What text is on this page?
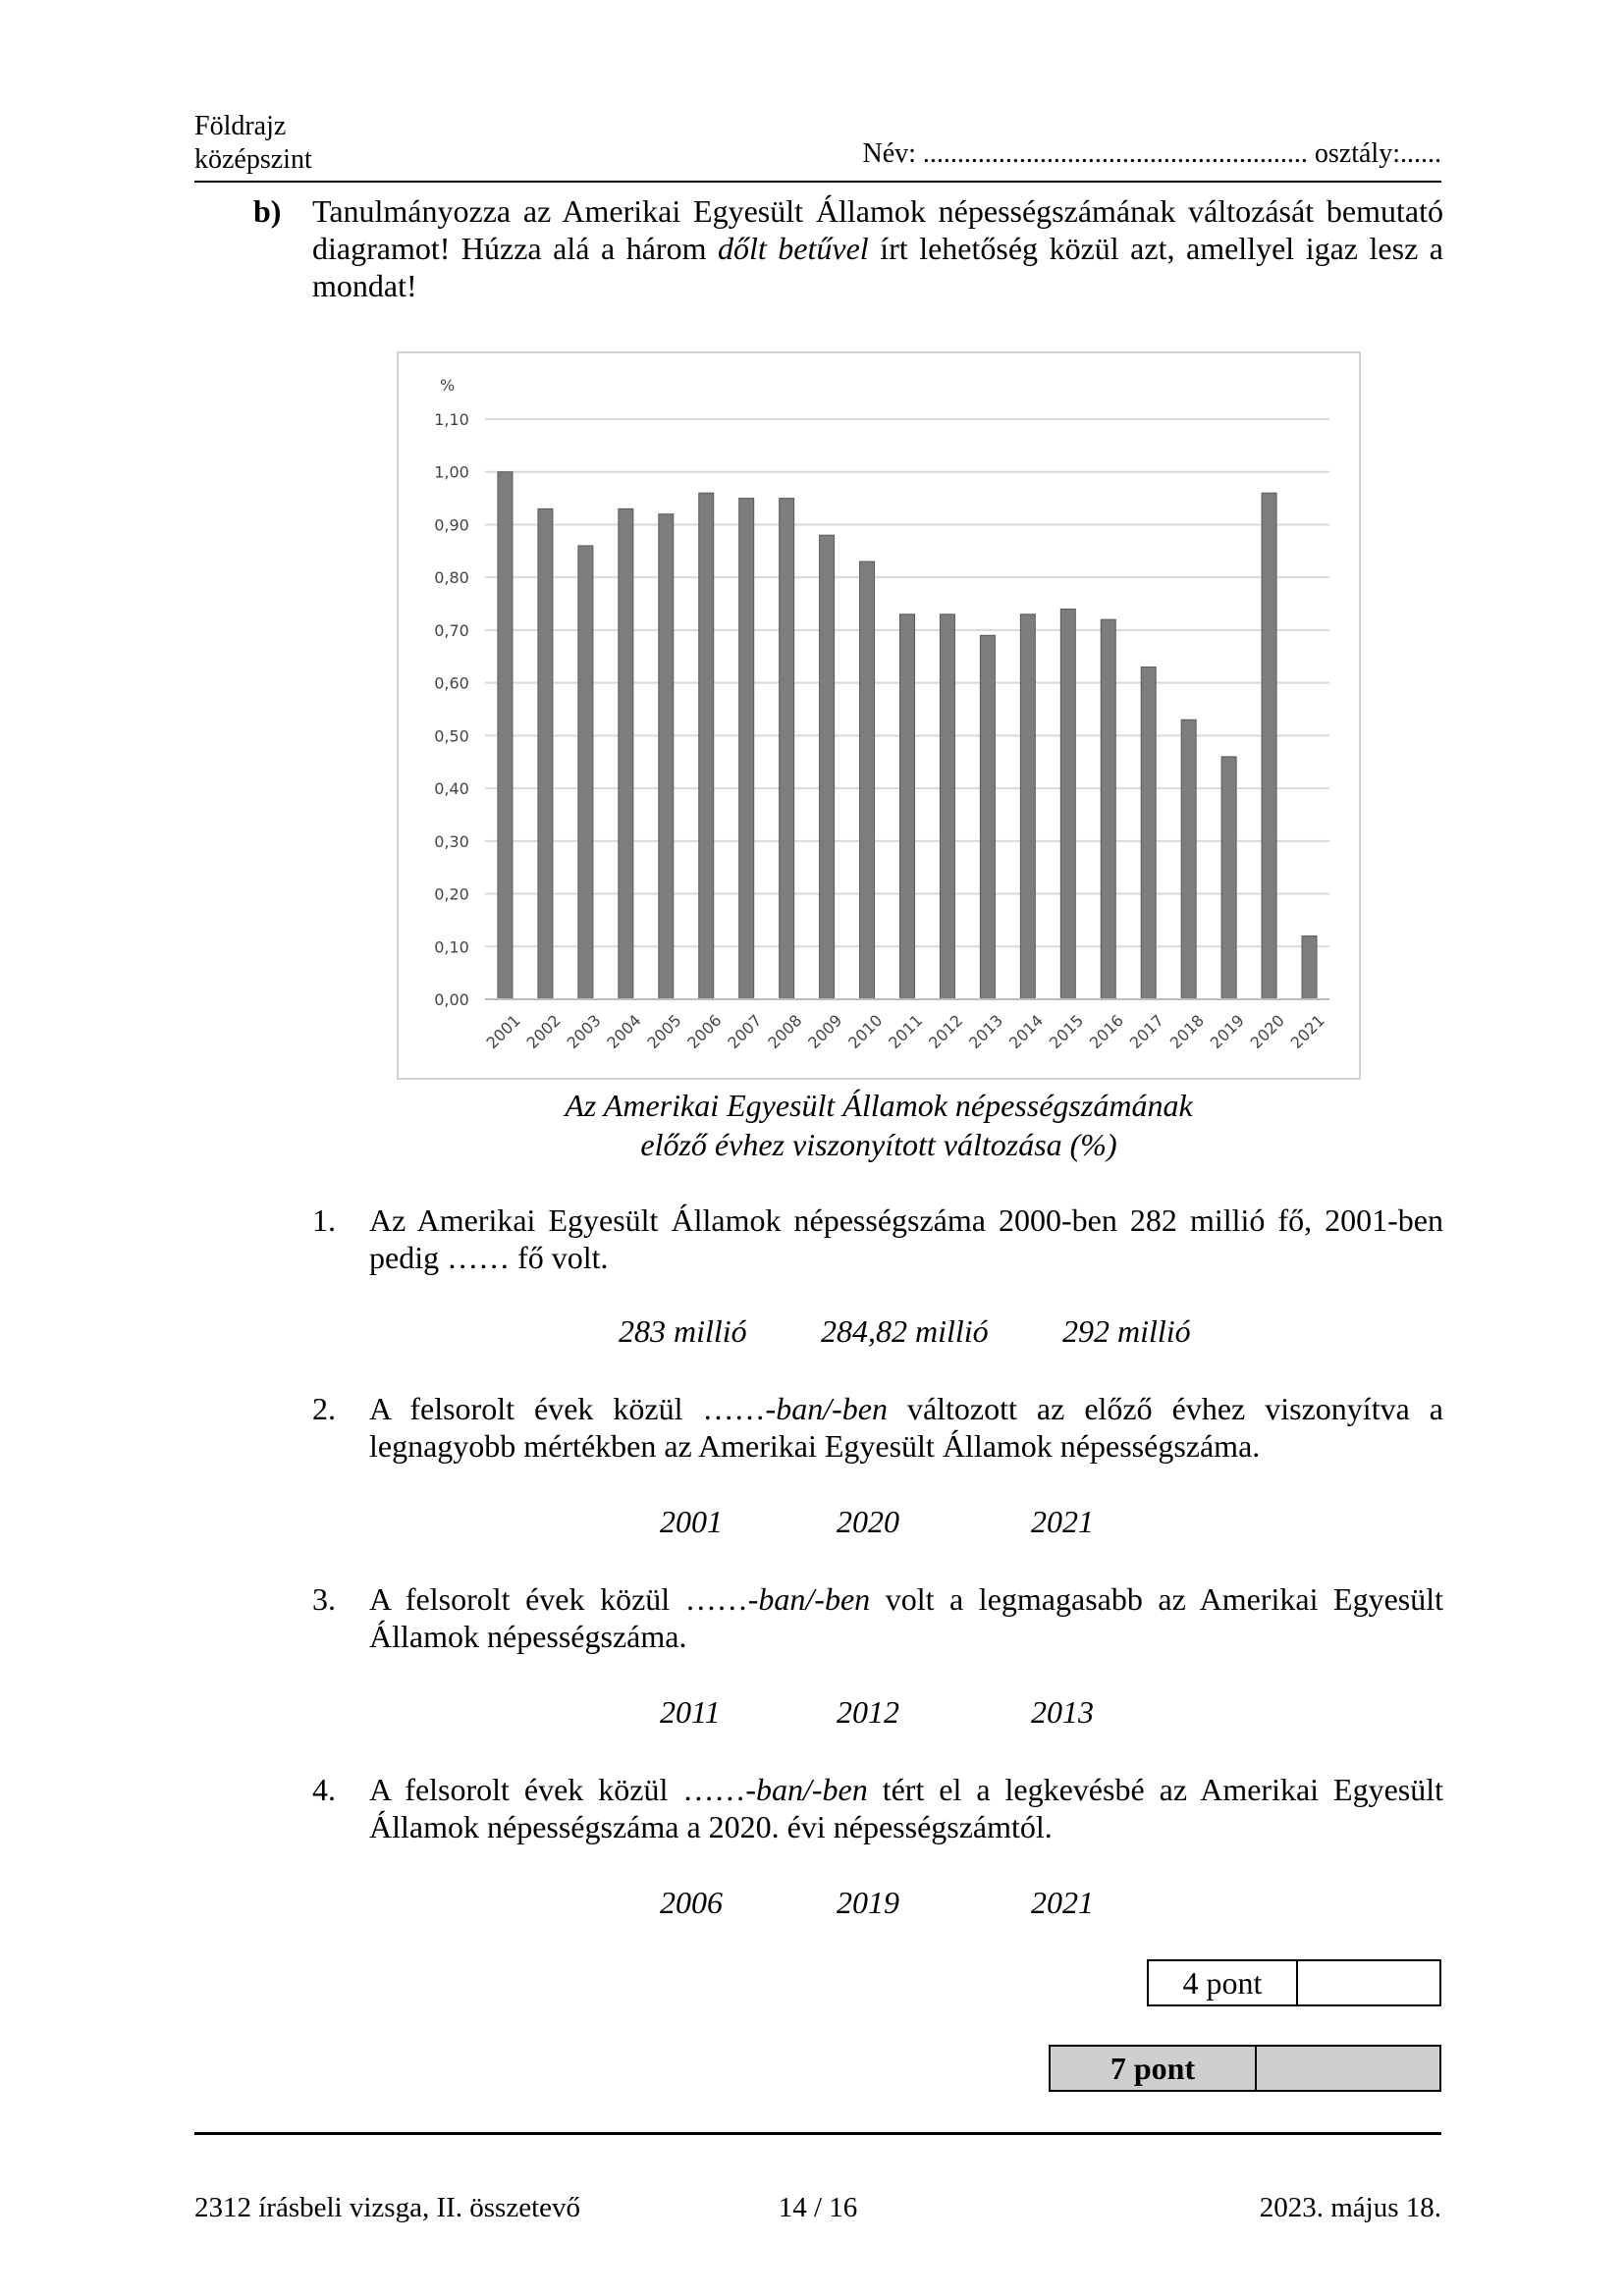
Földrajz
középszint	Név: ........................................................ osztály:......
b) Tanulmányozza az Amerikai Egyesült Államok népességszámának változását bemutató diagramot! Húzza alá a három dőlt betűvel írt lehetőség közül azt, amellyel igaz lesz a mondat!
%
0,00
0,10
0,20
0,30
0,40
0,50
0,60
0,70
0,80
0,90
1,00
1,10
2001
2002
2003
2004
2005
2006
2007
2008
2009
2010
2011
2012
2013
2014
2015
2016
2017
2018
2019
2020
2021
Az Amerikai Egyesült Államok népességszámának
előző évhez viszonyított változása (%)
1. Az Amerikai Egyesült Államok népességszáma 2000-ben 282 millió fő, 2001-ben pedig …… fő volt.
283 millió 284,82 millió 292 millió
2. A felsorolt évek közül ……-ban/-ben változott az előző évhez viszonyítva a legnagyobb mértékben az Amerikai Egyesült Államok népességszáma.
2001	2020	2021
3. A felsorolt évek közül ……-ban/-ben volt a legmagasabb az Amerikai Egyesült Államok népességszáma.
2011	2012	2013
4. A felsorolt évek közül ……-ban/-ben tért el a legkevésbé az Amerikai Egyesült Államok népességszáma a 2020. évi népességszámtól.
2006	2019	2021
4 pont
7 pont
2312 írásbeli vizsga, II. összetevő	14 / 16	2023. május 18.
